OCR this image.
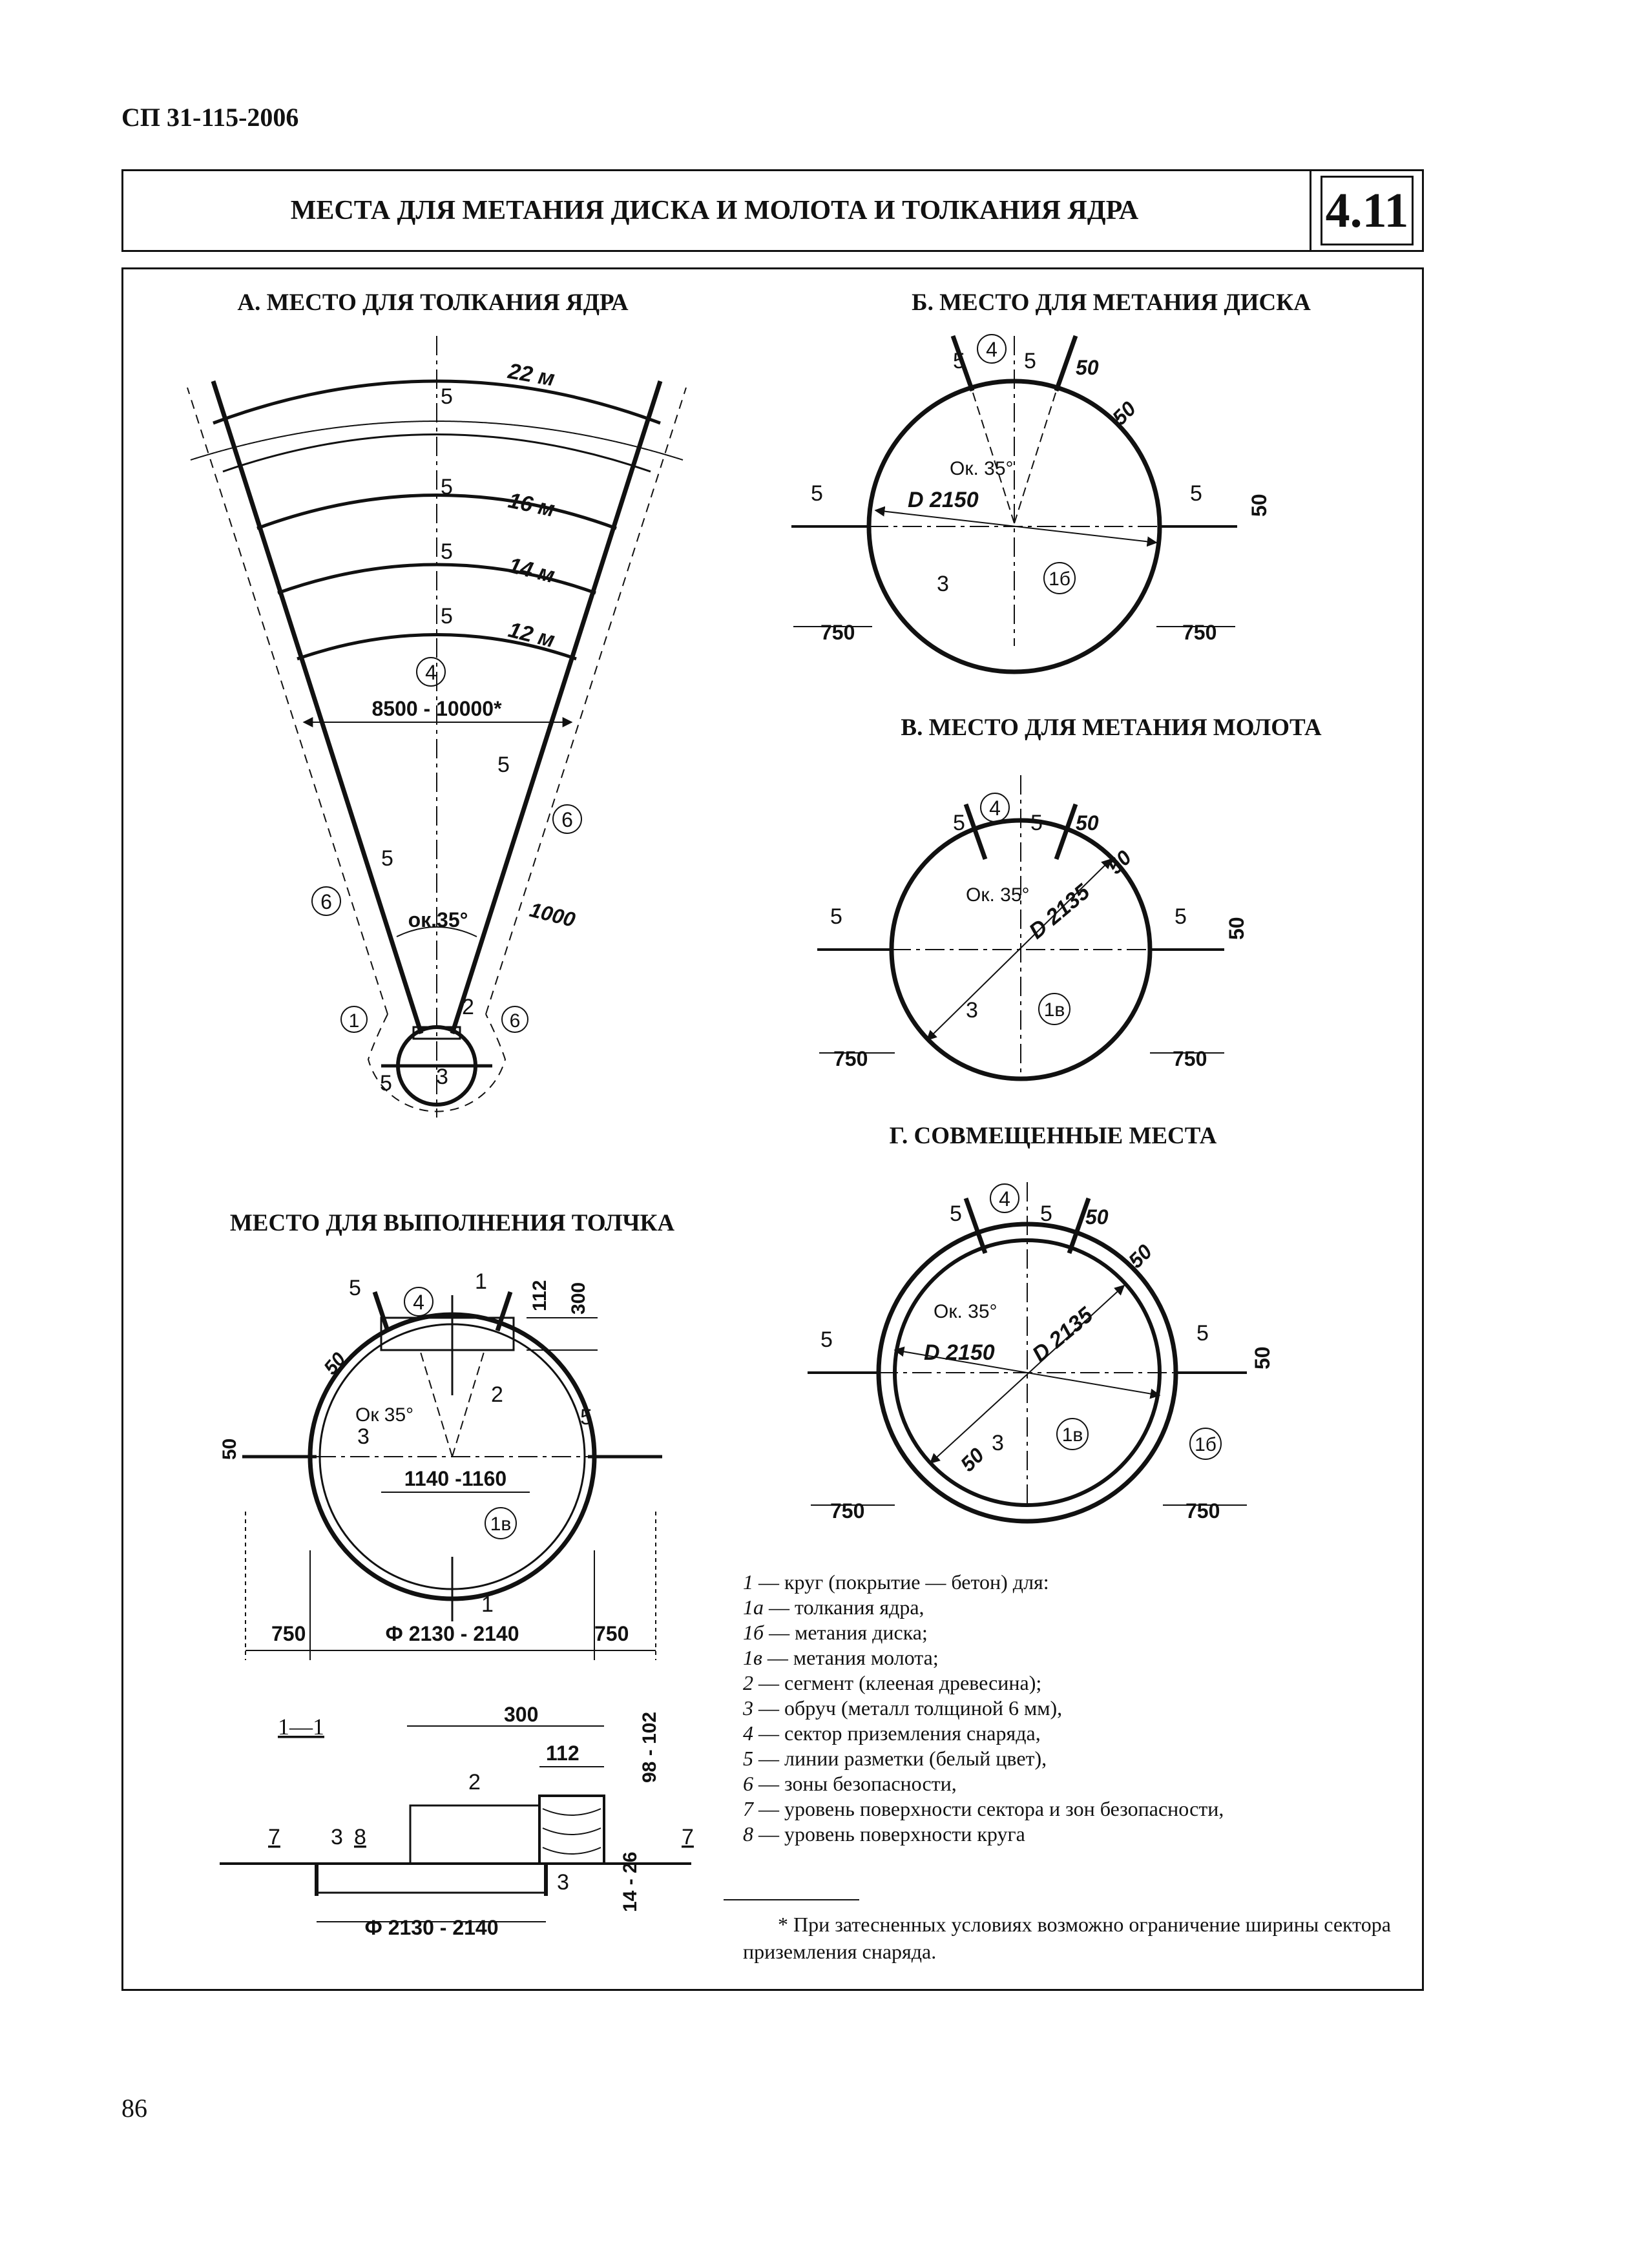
СП 31-115-2006
МЕСТА ДЛЯ МЕТАНИЯ ДИСКА И МОЛОТА И ТОЛКАНИЯ ЯДРА	4.11
А. МЕСТО ДЛЯ ТОЛКАНИЯ ЯДРА
22 м
5
5
16 м
5
14 м
5
12 м
4
8500 - 10000*
5
5
6
6	1000
ок.35°
1
2
6
5 3
Б. МЕСТО ДЛЯ МЕТАНИЯ ДИСКА
5 4 5 50
50
Ок. 35°
D 2150
5	5 50
3	1б
750	750
В. МЕСТО ДЛЯ МЕТАНИЯ МОЛОТА
5
4
5 50
50
Ок. 35°
D 2135
5	5 50
3	1в
750	750
Г. СОВМЕЩЕННЫЕ МЕСТА
5
4
5 50
50
Ок. 35° D 2135
D 2150
5	5
50
50
3	1в	1б
750	750
МЕСТО ДЛЯ ВЫПОЛНЕНИЯ ТОЛЧКА
5
4
1 112 300
50
Ок 35°
2
3
5
50
1140 -1160
1в
1
750	Ф 2130 - 2140	750
1—1	300
112	98 - 102
14 - 26
2
7 3 8	7
3
Ф 2130 - 2140
1 — круг (покрытие — бетон) для:
1а — толкания ядра,
1б — метания диска;
1в — метания молота;
2 — сегмент (клееная древесина);
3 — обруч (металл толщиной 6 мм),
4 — сектор приземления снаряда,
5 — линии разметки (белый цвет),
6 — зоны безопасности,
7 — уровень поверхности сектора и зон безопасности,
8 — уровень поверхности круга
* При затесненных условиях возможно ограничение ширины сектора приземления снаряда.
86
